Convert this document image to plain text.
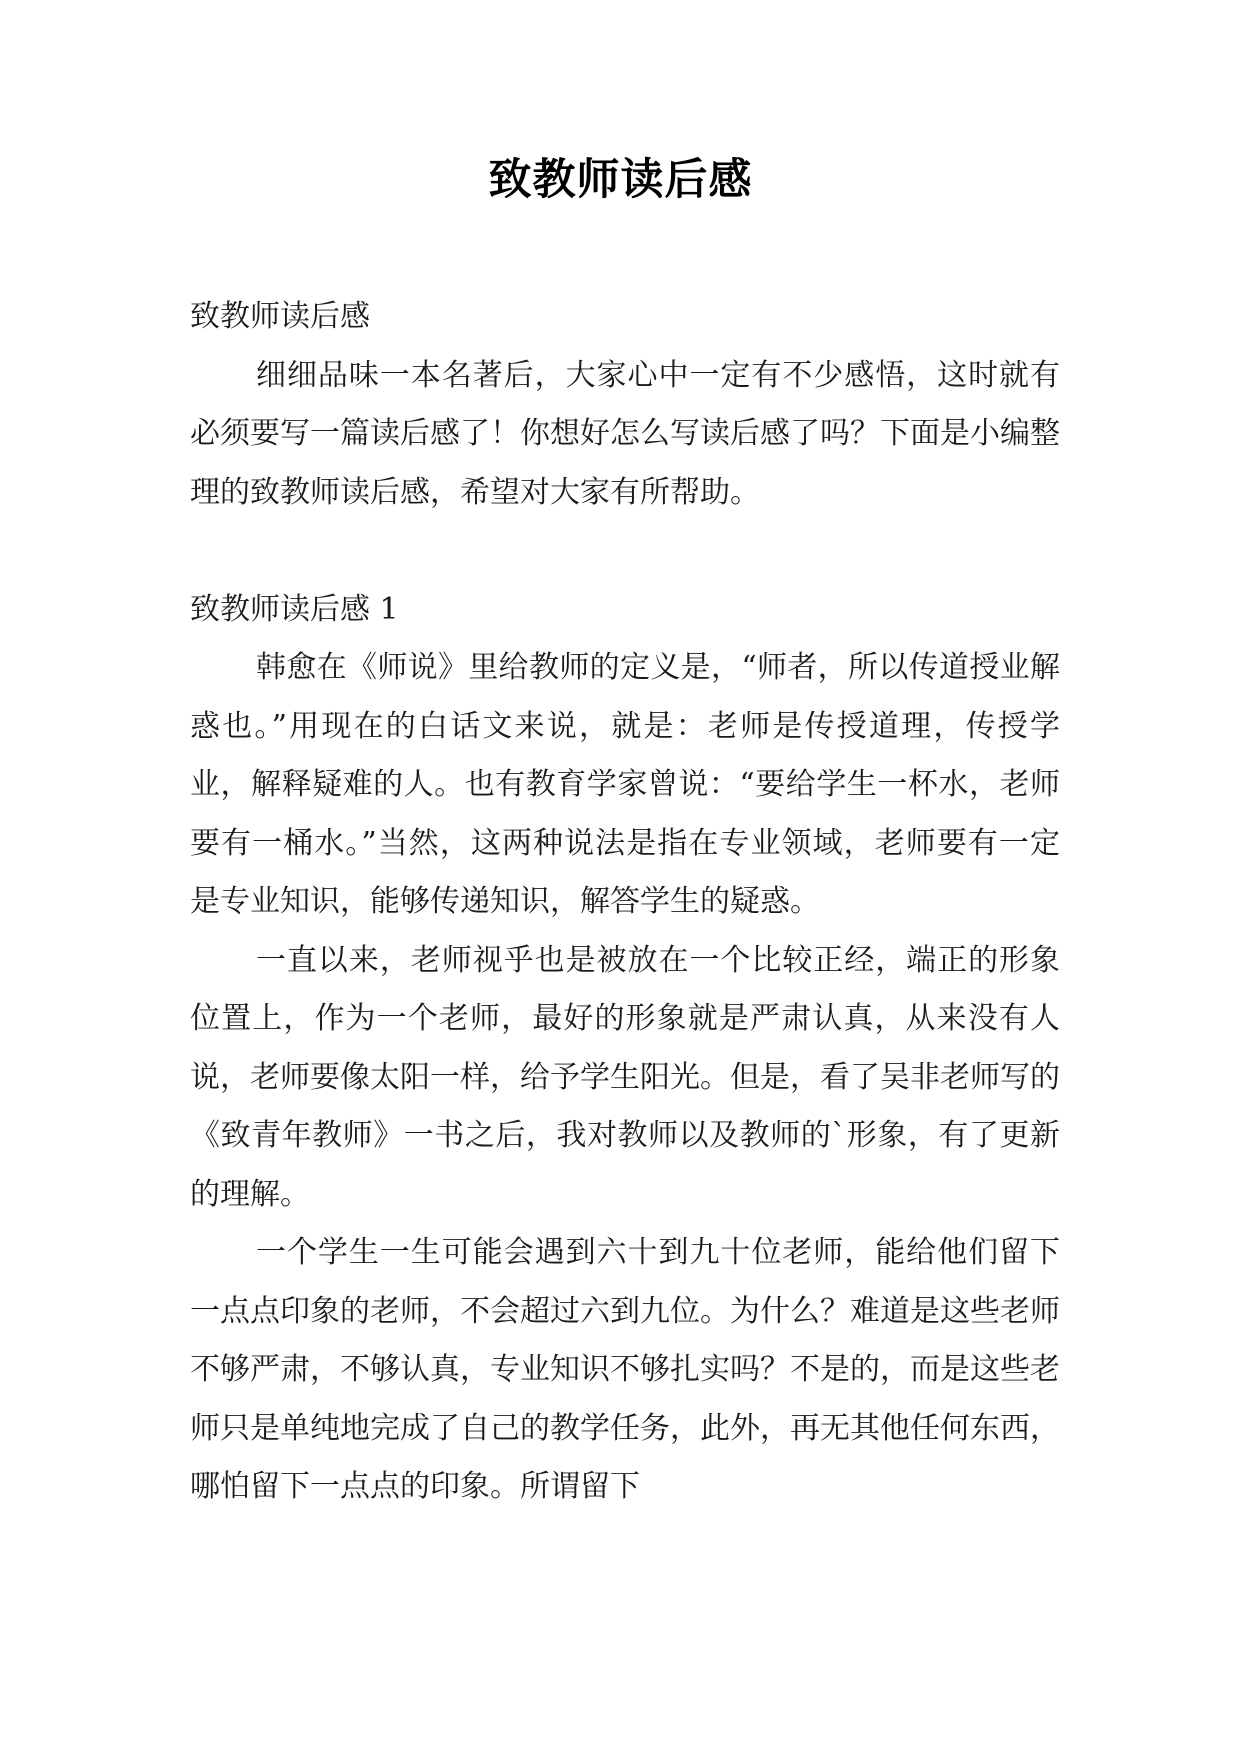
致教师读后感

致教师读后感

细细品味一本名著后，大家心中一定有不少感悟，这时就有必须要写一篇读后感了！你想好怎么写读后感了吗？下面是小编整理的致教师读后感，希望对大家有所帮助。

致教师读后感 1

韩愈在《师说》里给教师的定义是，“师者，所以传道授业解惑也。”用现在的白话文来说，就是：老师是传授道理，传授学业，解释疑难的人。也有教育学家曾说：“要给学生一杯水，老师要有一桶水。”当然，这两种说法是指在专业领域，老师要有一定是专业知识，能够传递知识，解答学生的疑惑。

一直以来，老师视乎也是被放在一个比较正经，端正的形象位置上，作为一个老师，最好的形象就是严肃认真，从来没有人说，老师要像太阳一样，给予学生阳光。但是，看了吴非老师写的《致青年教师》一书之后，我对教师以及教师的`形象，有了更新的理解。

一个学生一生可能会遇到六十到九十位老师，能给他们留下一点点印象的老师，不会超过六到九位。为什么？难道是这些老师不够严肃，不够认真，专业知识不够扎实吗？不是的，而是这些老师只是单纯地完成了自己的教学任务，此外，再无其他任何东西，哪怕留下一点点的印象。所谓留下
